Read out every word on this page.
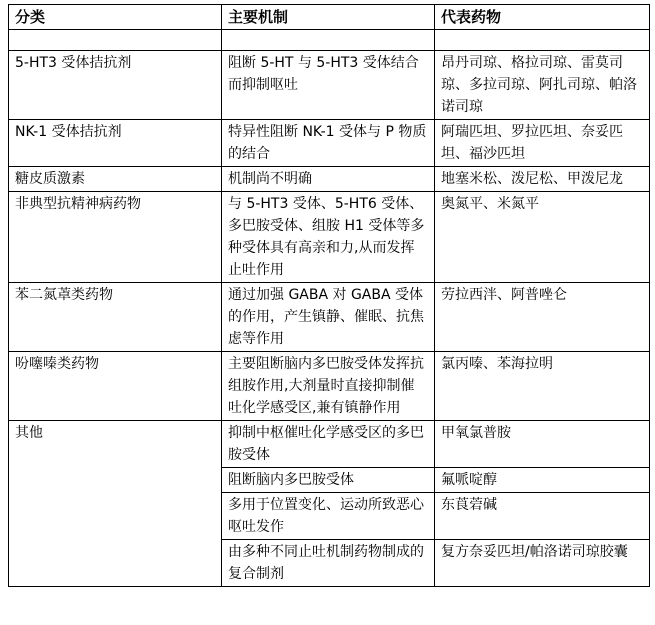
分类	主要机制	代表药物

5-HT3 受体拮抗剂	阻断 5-HT 与 5-HT3 受体结合而抑制呕吐	昂丹司琼、格拉司琼、雷莫司琼、多拉司琼、阿扎司琼、帕洛诺司琼
NK-1 受体拮抗剂	特异性阻断 NK-1 受体与 P 物质的结合	阿瑞匹坦、罗拉匹坦、奈妥匹坦、福沙匹坦
糖皮质激素	机制尚不明确	地塞米松、泼尼松、甲泼尼龙
非典型抗精神病药物	与 5-HT3 受体、5-HT6 受体、多巴胺受体、组胺 H1 受体等多种受体具有高亲和力,从而发挥止吐作用	奥氮平、米氮平
苯二氮䓬类药物	通过加强 GABA 对 GABA 受体的作用，产生镇静、催眠、抗焦虑等作用	劳拉西泮、阿普唑仑
吩噻嗪类药物	主要阻断脑内多巴胺受体发挥抗组胺作用,大剂量时直接抑制催吐化学感受区,兼有镇静作用	氯丙嗪、苯海拉明
其他	抑制中枢催吐化学感受区的多巴胺受体	甲氧氯普胺
	阻断脑内多巴胺受体	氟哌啶醇
	多用于位置变化、运动所致恶心呕吐发作	东莨菪碱
	由多种不同止吐机制药物制成的复合制剂	复方奈妥匹坦/帕洛诺司琼胶囊
